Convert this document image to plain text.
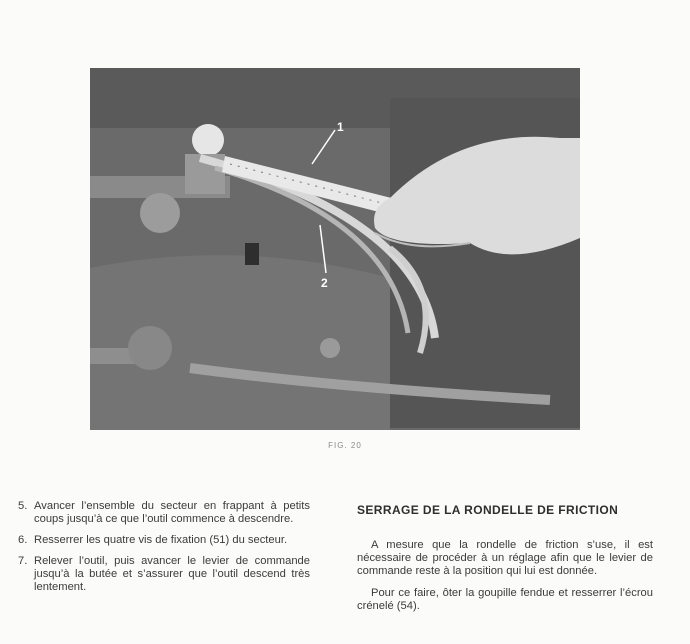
1
2
FIG. 20
5. Avancer l’ensemble du secteur en frappant à petits coups jusqu’à ce que l’outil commence à descendre.
6. Resserrer les quatre vis de fixation (51) du secteur.
7. Relever l’outil, puis avancer le levier de commande jusqu’à la butée et s’assurer que l’outil descend très lentement.
SERRAGE DE LA RONDELLE DE FRICTION

A mesure que la rondelle de friction s’use, il est nécessaire de procéder à un réglage afin que le levier de commande reste à la position qui lui est donnée.

Pour ce faire, ôter la goupille fendue et resserrer l’écrou crénelé (54).
